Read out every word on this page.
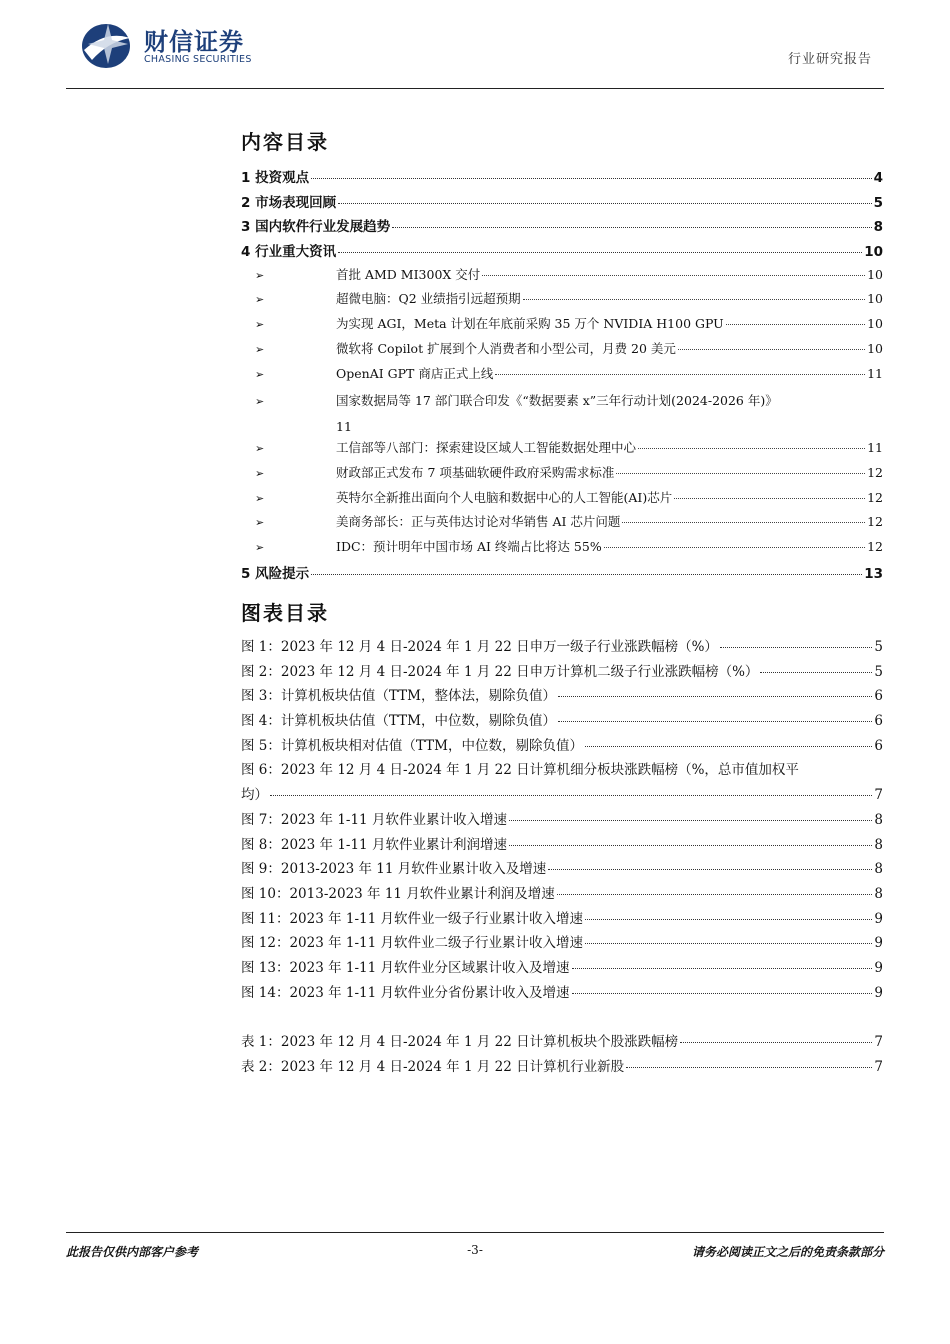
财信证券
CHASING SECURITIES	行业研究报告
内容目录
1 投资观点	4
2 市场表现回顾	5
3 国内软件行业发展趋势	8
4 行业重大资讯	10
➢	首批 AMD MI300X 交付	10
➢	超微电脑：Q2 业绩指引远超预期	10
➢	为实现 AGI，Meta 计划在年底前采购 35 万个 NVIDIA H100 GPU	10
➢	微软将 Copilot 扩展到个人消费者和小型公司，月费 20 美元	10
➢	OpenAI GPT 商店正式上线	11
➢	国家数据局等 17 部门联合印发《“数据要素 x”三年行动计划(2024-2026 年)》
11
➢	工信部等八部门：探索建设区域人工智能数据处理中心	11
➢	财政部正式发布 7 项基础软硬件政府采购需求标准	12
➢	英特尔全新推出面向个人电脑和数据中心的人工智能(AI)芯片	12
➢	美商务部长：正与英伟达讨论对华销售 AI 芯片问题	12
➢	IDC：预计明年中国市场 AI 终端占比将达 55%	12
5 风险提示	13
图表目录
图 1：2023 年 12 月 4 日-2024 年 1 月 22 日申万一级子行业涨跌幅榜（%）	5
图 2：2023 年 12 月 4 日-2024 年 1 月 22 日申万计算机二级子行业涨跌幅榜（%）	5
图 3：计算机板块估值（TTM，整体法，剔除负值）	6
图 4：计算机板块估值（TTM，中位数，剔除负值）	6
图 5：计算机板块相对估值（TTM，中位数，剔除负值）	6
图 6：2023 年 12 月 4 日-2024 年 1 月 22 日计算机细分板块涨跌幅榜（%，总市值加权平
均）	7
图 7：2023 年 1-11 月软件业累计收入增速	8
图 8：2023 年 1-11 月软件业累计利润增速	8
图 9：2013-2023 年 11 月软件业累计收入及增速	8
图 10：2013-2023 年 11 月软件业累计利润及增速	8
图 11：2023 年 1-11 月软件业一级子行业累计收入增速	9
图 12：2023 年 1-11 月软件业二级子行业累计收入增速	9
图 13：2023 年 1-11 月软件业分区域累计收入及增速	9
图 14：2023 年 1-11 月软件业分省份累计收入及增速	9
表 1：2023 年 12 月 4 日-2024 年 1 月 22 日计算机板块个股涨跌幅榜	7
表 2：2023 年 12 月 4 日-2024 年 1 月 22 日计算机行业新股	7
-3-
此报告仅供内部客户参考	请务必阅读正文之后的免责条款部分
